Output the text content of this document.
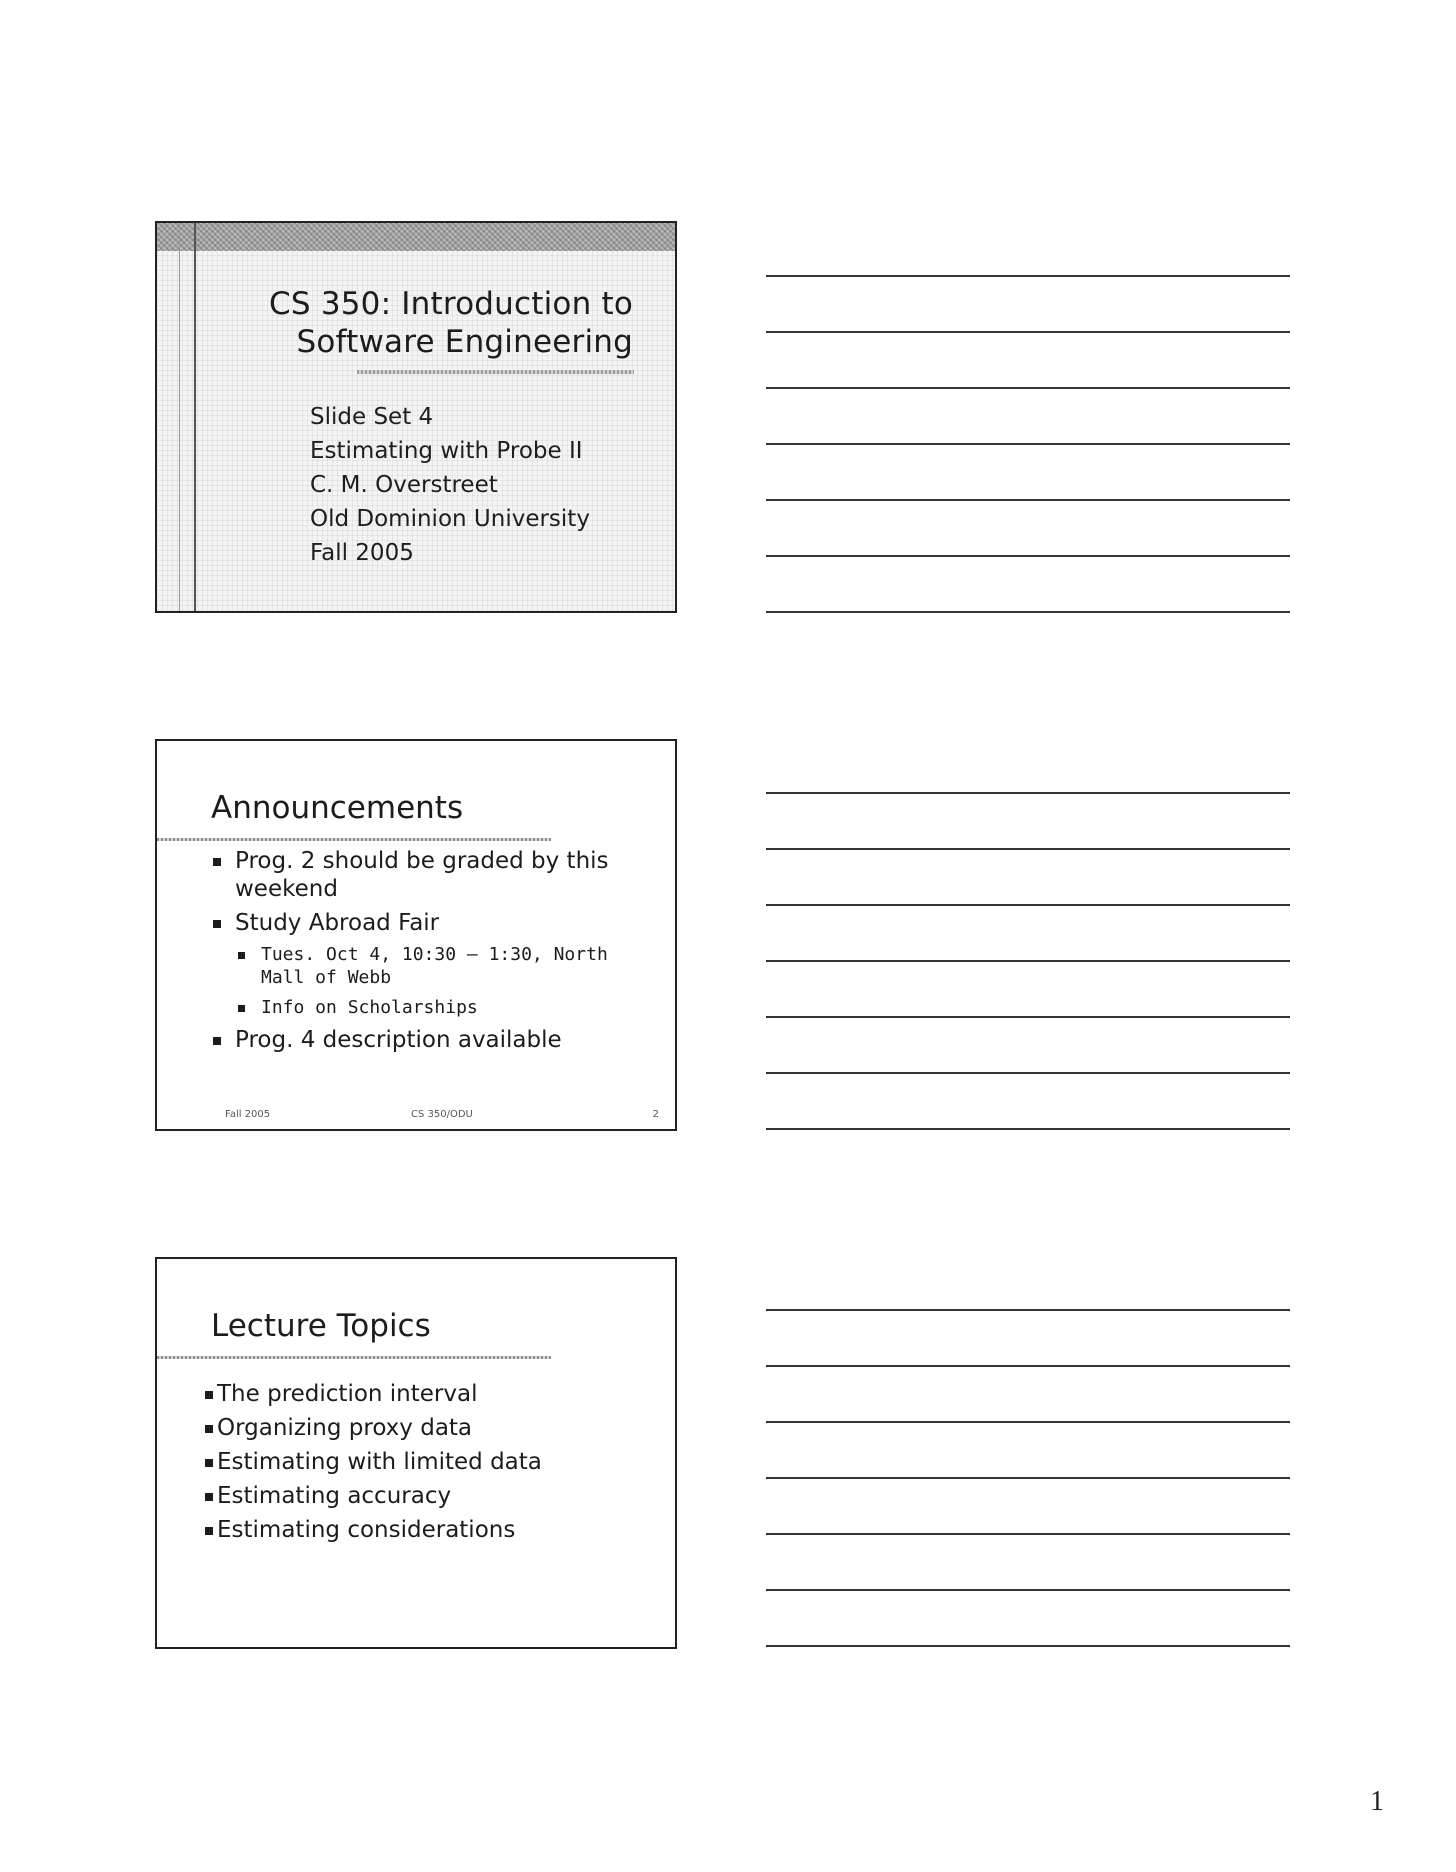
CS 350: Introduction to
Software Engineering
Slide Set 4
Estimating with Probe II
C. M. Overstreet
Old Dominion University
Fall 2005
Announcements
Prog. 2 should be graded by this weekend
Study Abroad Fair
Tues. Oct 4, 10:30 – 1:30, North Mall of Webb
Info on Scholarships
Prog. 4 description available
Fall 2005	CS 350/ODU	2
Lecture Topics
The prediction interval
Organizing proxy data
Estimating with limited data
Estimating accuracy
Estimating considerations
1
